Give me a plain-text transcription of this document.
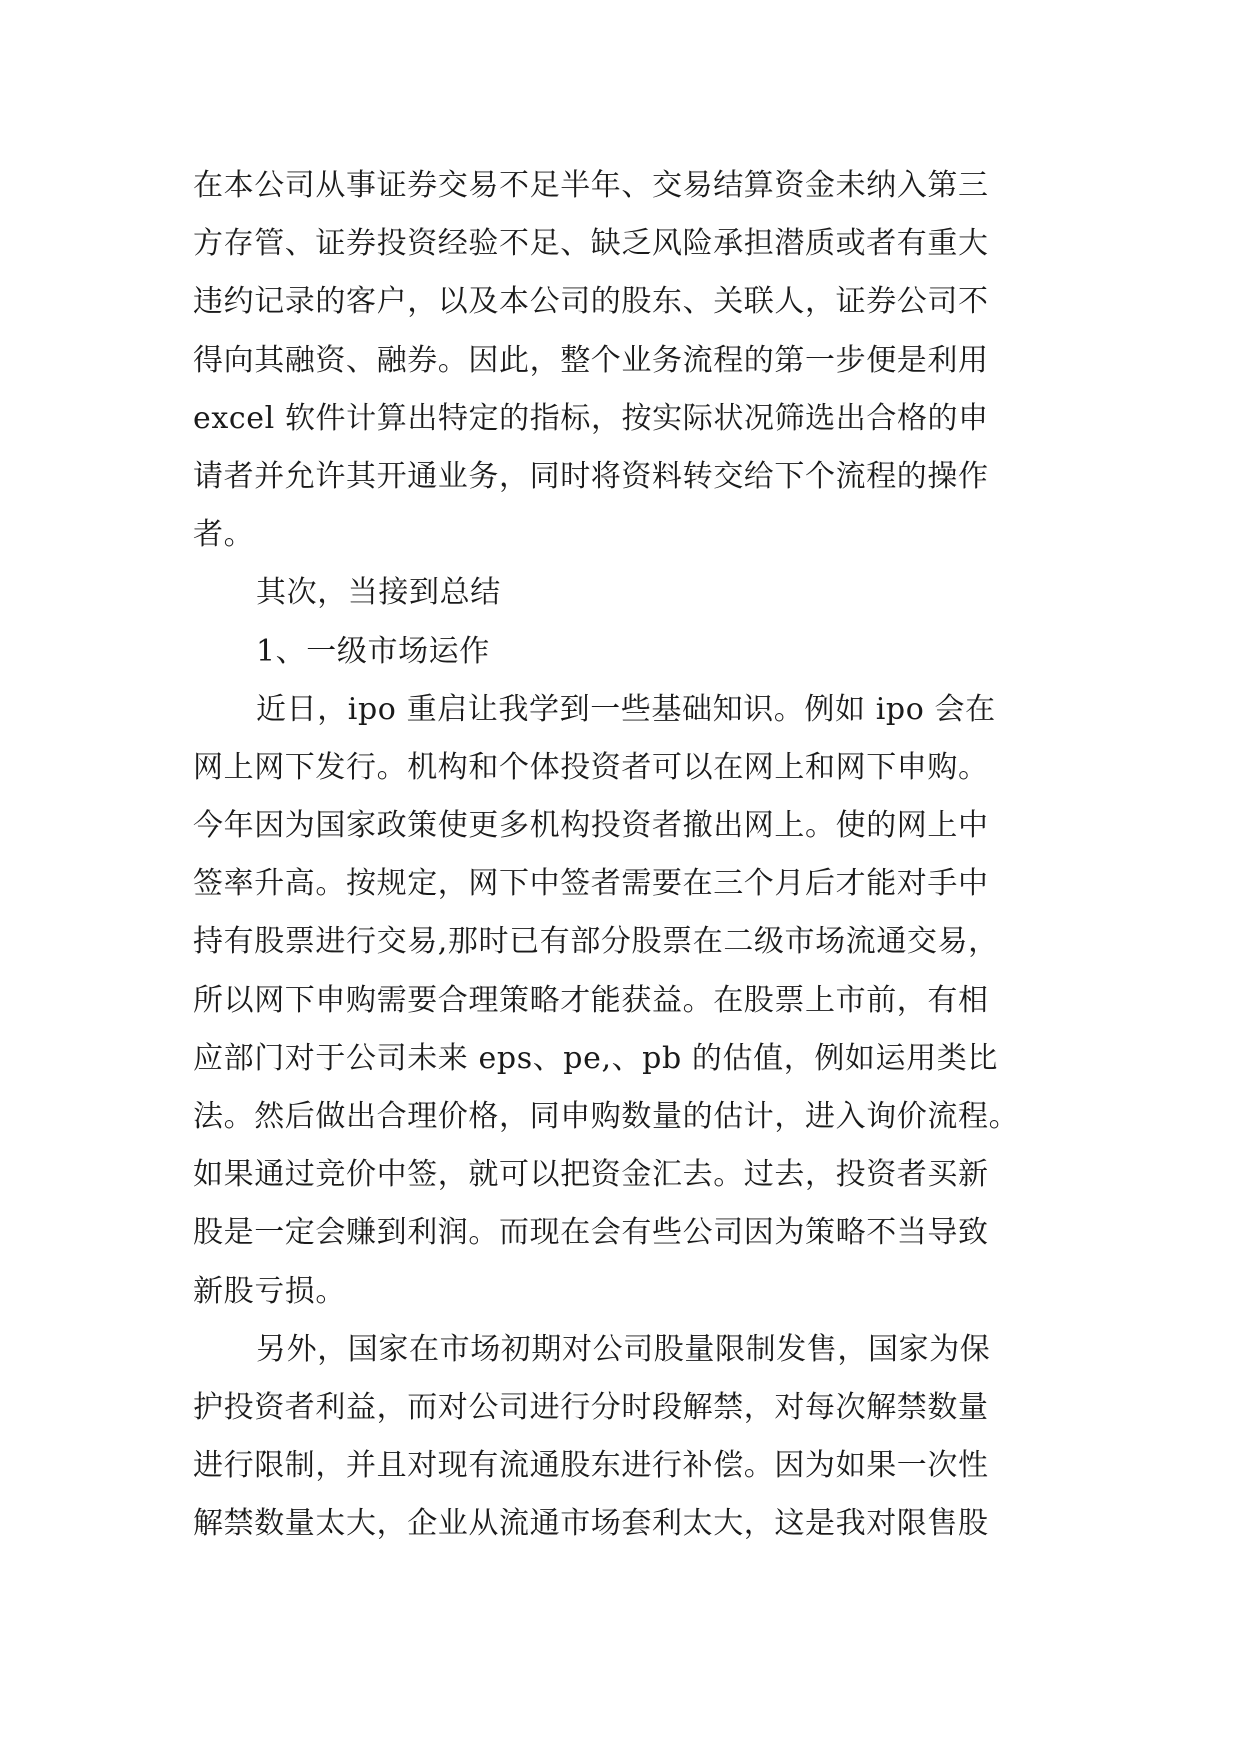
在本公司从事证券交易不足半年、交易结算资金未纳入第三
方存管、证券投资经验不足、缺乏风险承担潜质或者有重大
违约记录的客户，以及本公司的股东、关联人，证券公司不
得向其融资、融券。因此，整个业务流程的第一步便是利用
excel 软件计算出特定的指标，按实际状况筛选出合格的申
请者并允许其开通业务，同时将资料转交给下个流程的操作
者。
其次，当接到总结
1、一级市场运作
近日，ipo 重启让我学到一些基础知识。例如 ipo 会在
网上网下发行。机构和个体投资者可以在网上和网下申购。
今年因为国家政策使更多机构投资者撤出网上。使的网上中
签率升高。按规定，网下中签者需要在三个月后才能对手中
持有股票进行交易,那时已有部分股票在二级市场流通交易，
所以网下申购需要合理策略才能获益。在股票上市前，有相
应部门对于公司未来 eps、pe,、pb 的估值，例如运用类比
法。然后做出合理价格，同申购数量的估计，进入询价流程。
如果通过竞价中签，就可以把资金汇去。过去，投资者买新
股是一定会赚到利润。而现在会有些公司因为策略不当导致
新股亏损。
另外，国家在市场初期对公司股量限制发售，国家为保
护投资者利益，而对公司进行分时段解禁，对每次解禁数量
进行限制，并且对现有流通股东进行补偿。因为如果一次性
解禁数量太大，企业从流通市场套利太大，这是我对限售股
